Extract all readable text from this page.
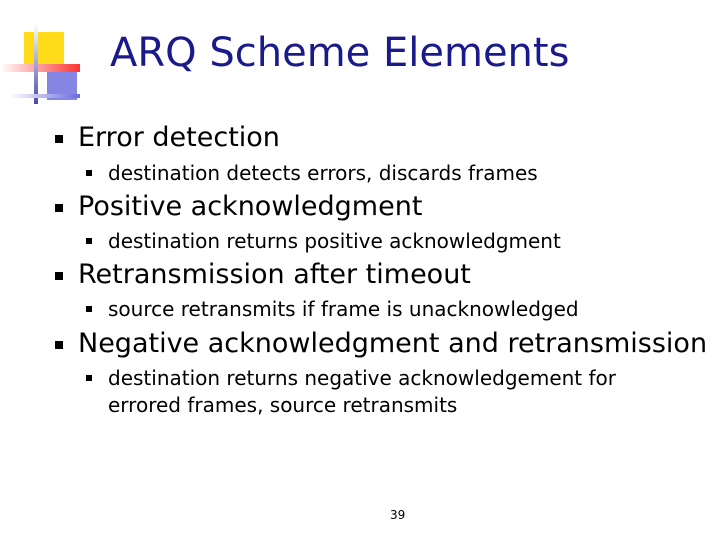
ARQ Scheme Elements
Error detection
destination detects errors, discards frames
Positive acknowledgment
destination returns positive acknowledgment
Retransmission after timeout
source retransmits if frame is unacknowledged
Negative acknowledgment and retransmission
destination returns negative acknowledgement for
errored frames, source retransmits
39
